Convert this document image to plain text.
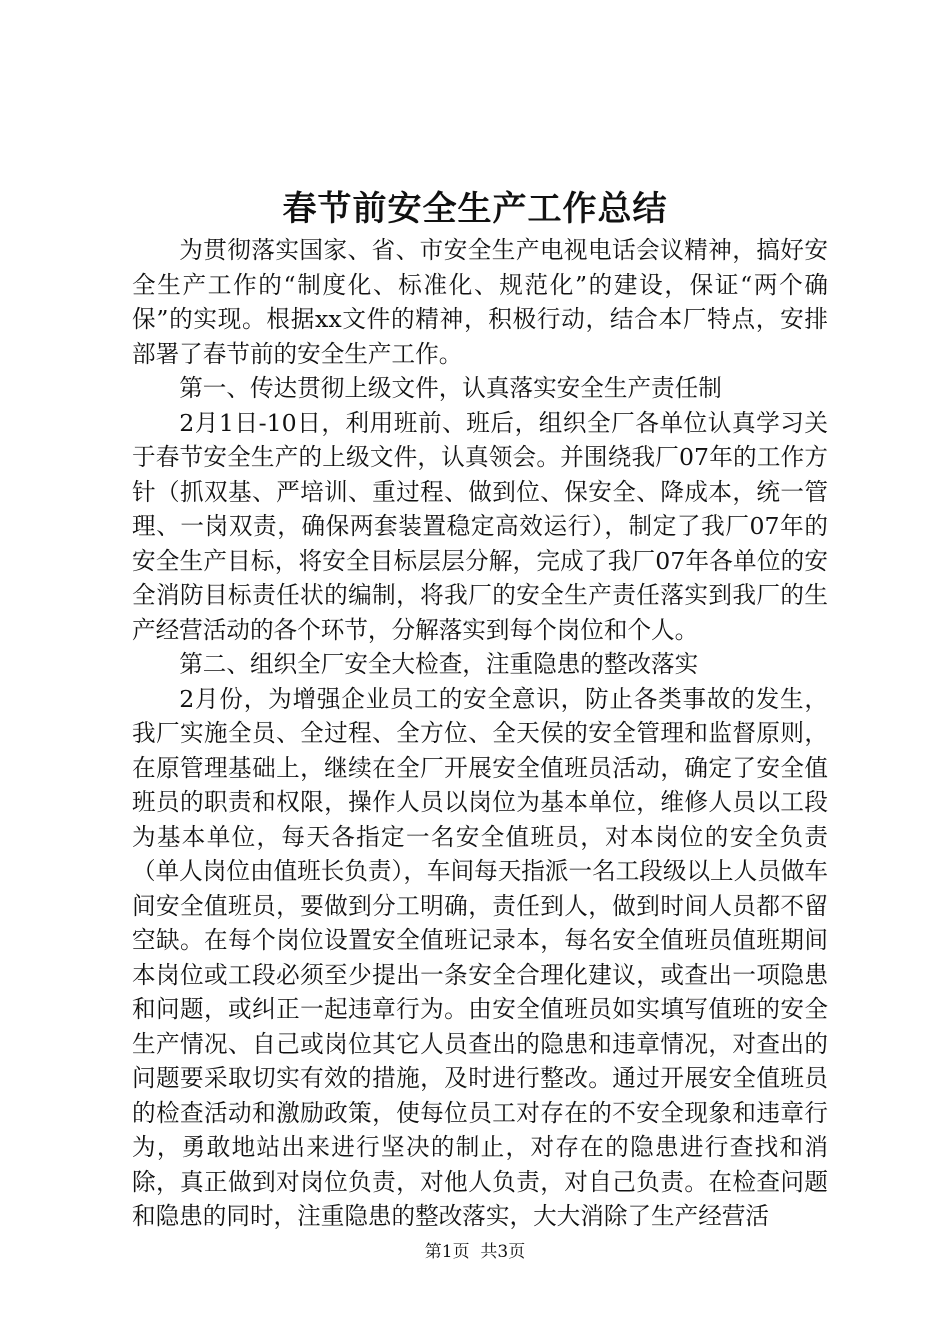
春节前安全生产工作总结

为贯彻落实国家、省、市安全生产电视电话会议精神，搞好安全生产工作的“制度化、标准化、规范化”的建设，保证“两个确保”的实现。根据xx文件的精神，积极行动，结合本厂特点，安排部署了春节前的安全生产工作。

第一、传达贯彻上级文件，认真落实安全生产责任制

2月1日-10日，利用班前、班后，组织全厂各单位认真学习关于春节安全生产的上级文件，认真领会。并围绕我厂07年的工作方针（抓双基、严培训、重过程、做到位、保安全、降成本，统一管理、一岗双责，确保两套装置稳定高效运行），制定了我厂07年的安全生产目标，将安全目标层层分解，完成了我厂07年各单位的安全消防目标责任状的编制，将我厂的安全生产责任落实到我厂的生产经营活动的各个环节，分解落实到每个岗位和个人。

第二、组织全厂安全大检查，注重隐患的整改落实

2月份，为增强企业员工的安全意识，防止各类事故的发生，我厂实施全员、全过程、全方位、全天侯的安全管理和监督原则，在原管理基础上，继续在全厂开展安全值班员活动，确定了安全值班员的职责和权限，操作人员以岗位为基本单位，维修人员以工段为基本单位，每天各指定一名安全值班员，对本岗位的安全负责（单人岗位由值班长负责），车间每天指派一名工段级以上人员做车间安全值班员，要做到分工明确，责任到人，做到时间人员都不留空缺。在每个岗位设置安全值班记录本，每名安全值班员值班期间本岗位或工段必须至少提出一条安全合理化建议，或查出一项隐患和问题，或纠正一起违章行为。由安全值班员如实填写值班的安全生产情况、自己或岗位其它人员查出的隐患和违章情况，对查出的问题要采取切实有效的措施，及时进行整改。通过开展安全值班员的检查活动和激励政策，使每位员工对存在的不安全现象和违章行为，勇敢地站出来进行坚决的制止，对存在的隐患进行查找和消除，真正做到对岗位负责，对他人负责，对自己负责。在检查问题和隐患的同时，注重隐患的整改落实，大大消除了生产经营活

第1页  共3页
